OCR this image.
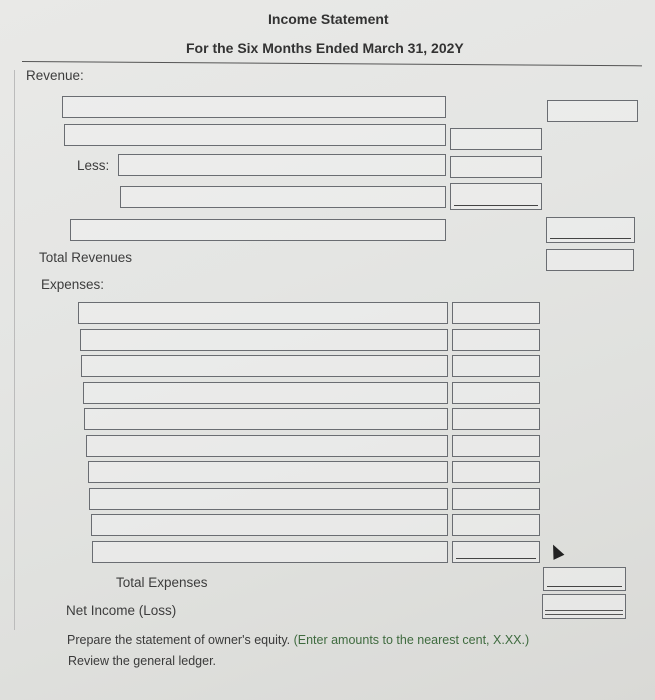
Income Statement
For the Six Months Ended March 31, 202Y
Revenue:
Less:
Total Revenues
Expenses:
Total Expenses
Net Income (Loss)
Prepare the statement of owner's equity. (Enter amounts to the nearest cent, X.XX.)
Review the general ledger.
